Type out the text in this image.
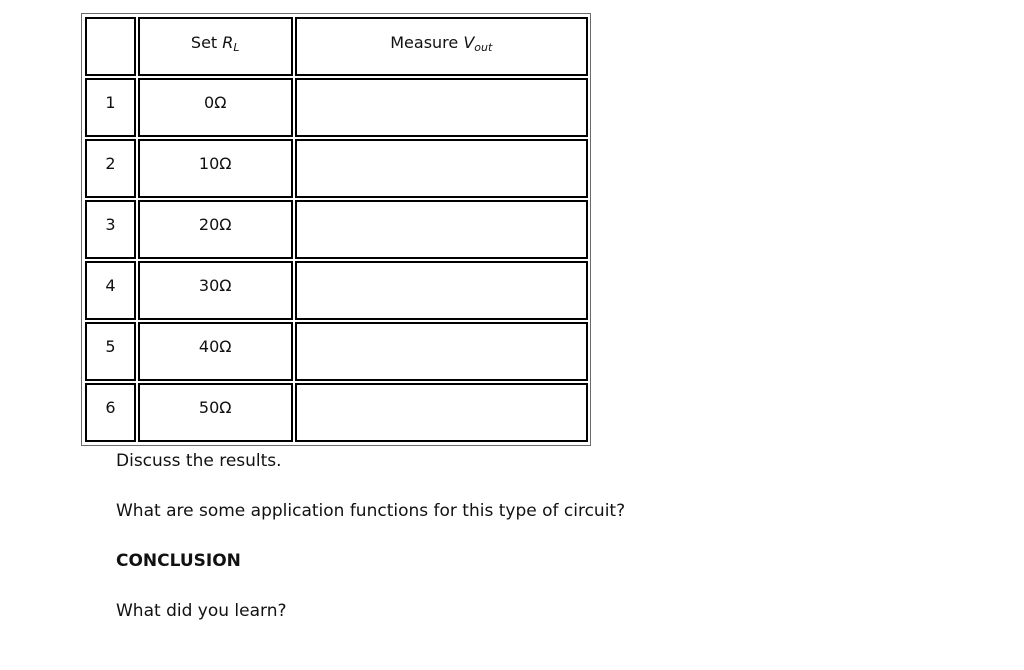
	Set RL	Measure Vout

1	0Ω	

2	10Ω	

3	20Ω	

4	30Ω	

5	40Ω	

6	50Ω	

Discuss the results.

What are some application functions for this type of circuit?

CONCLUSION

What did you learn?
